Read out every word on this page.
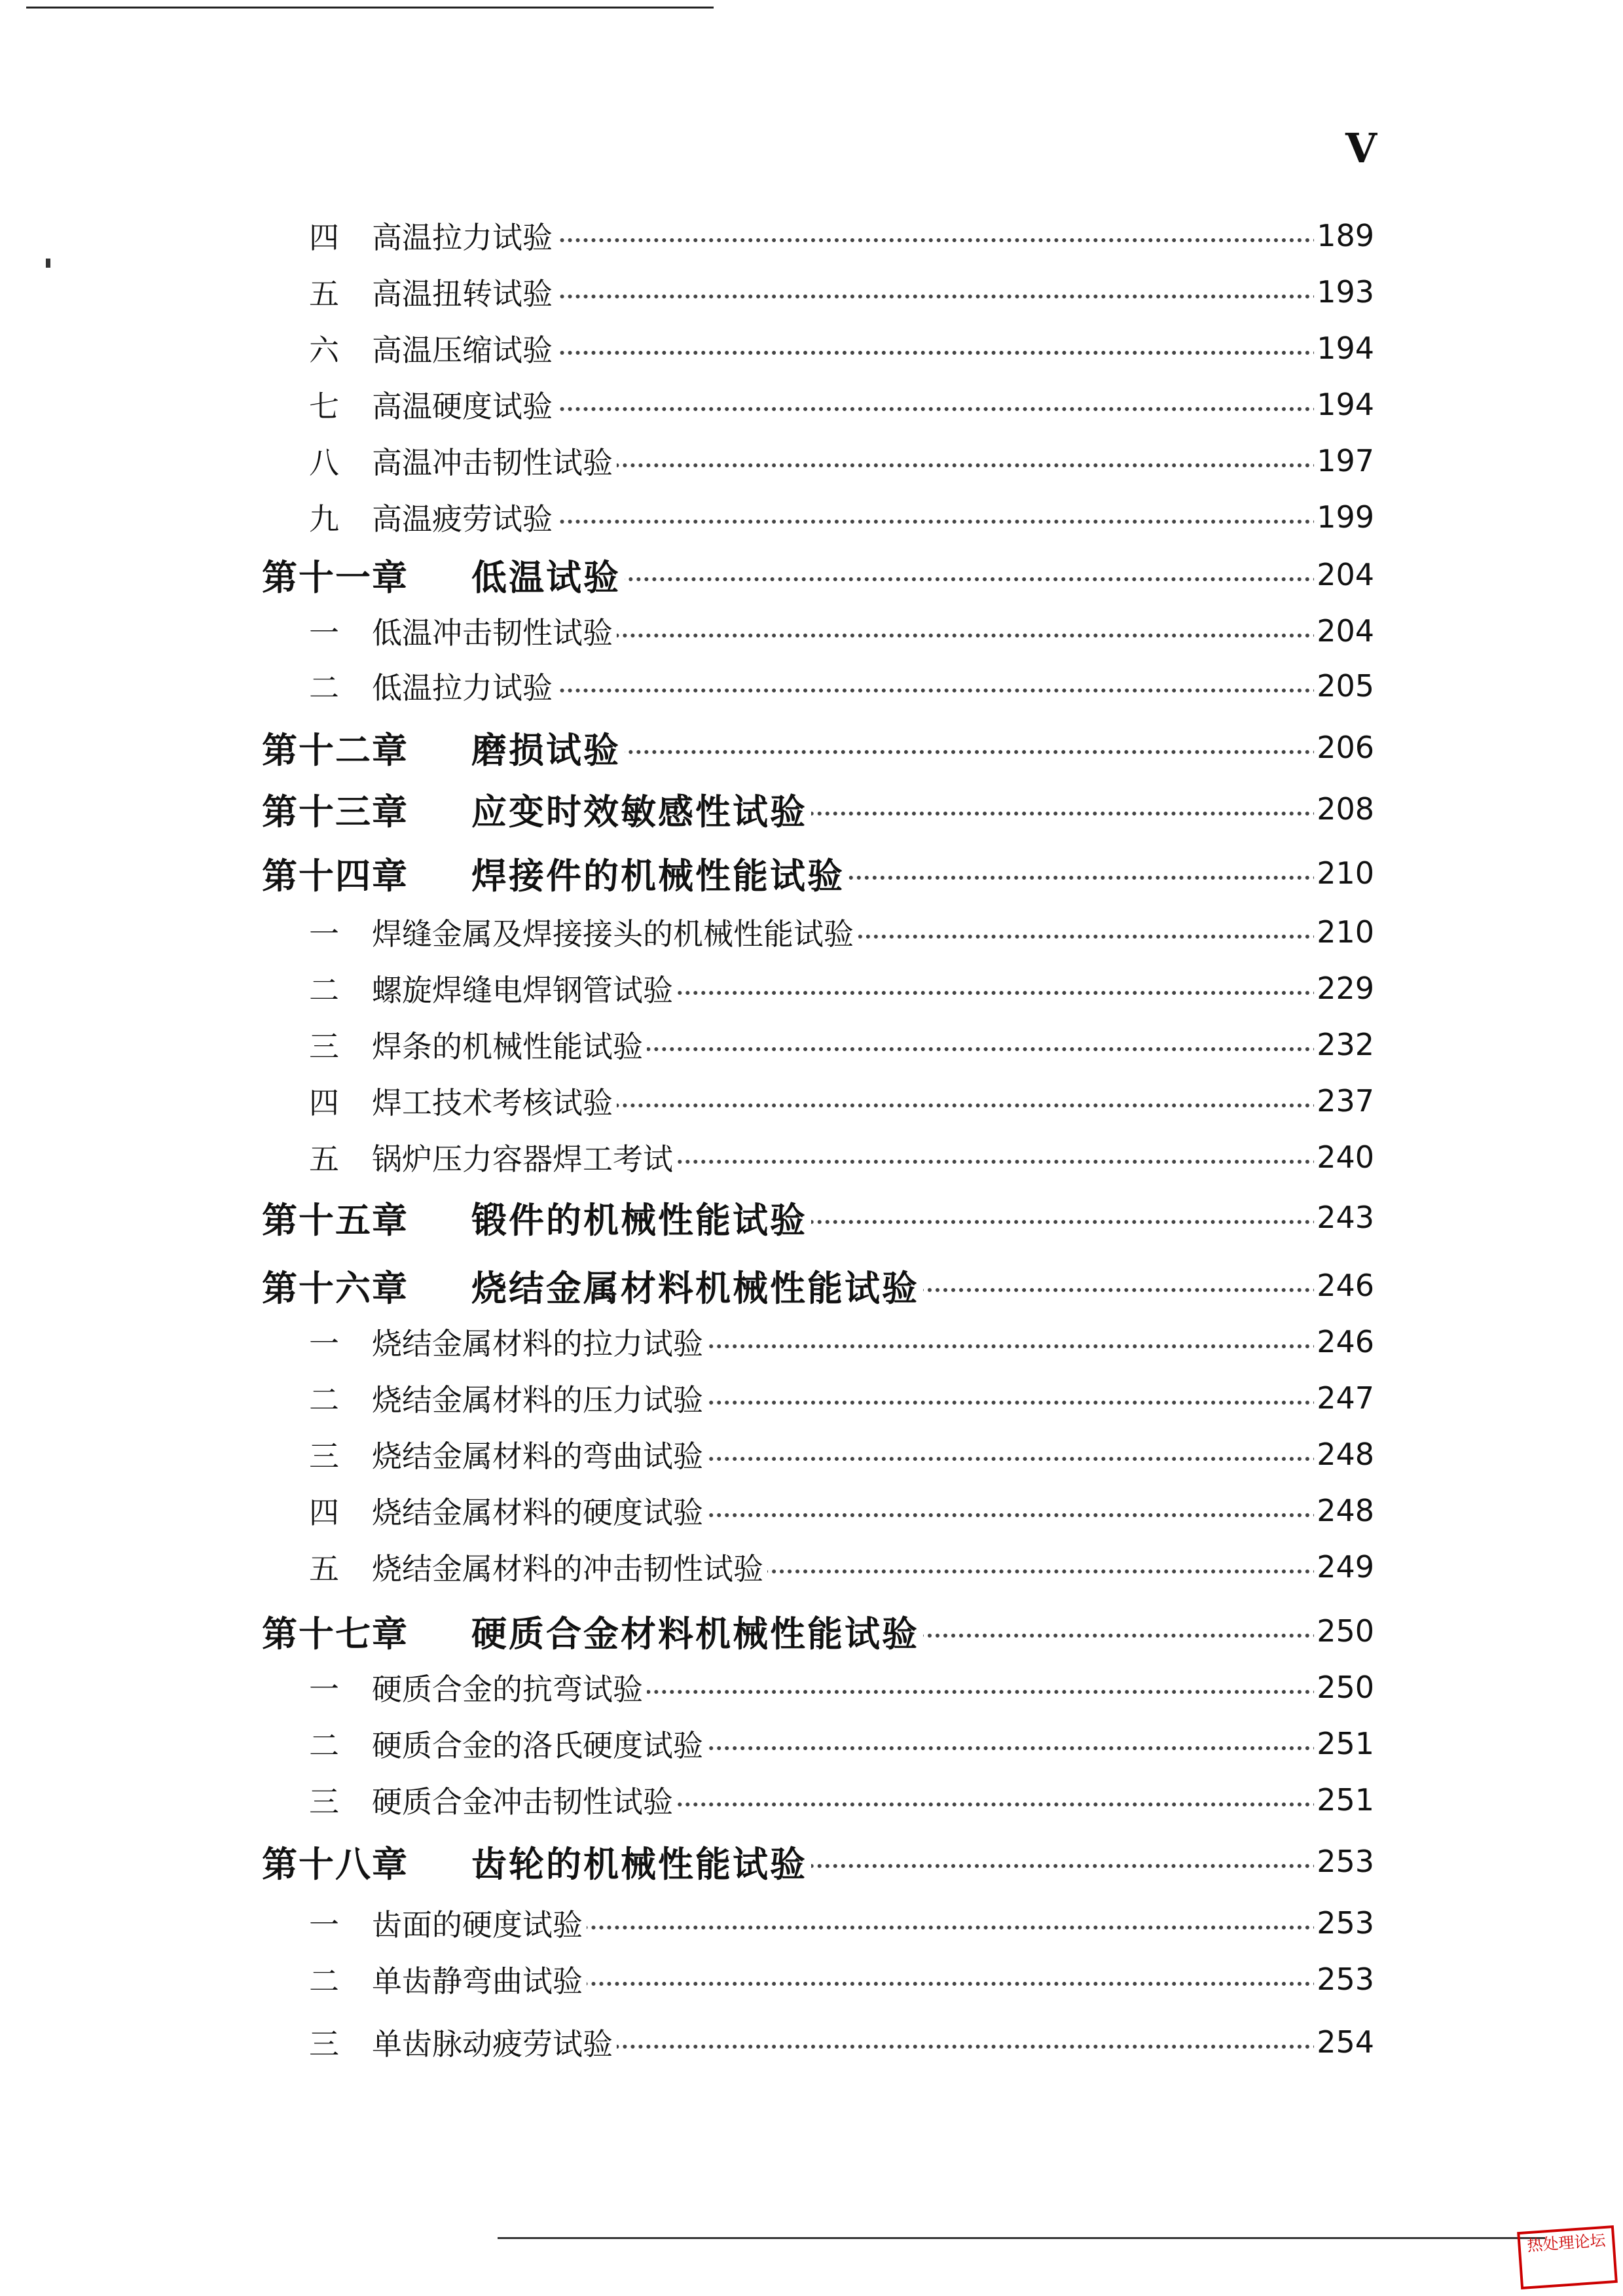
Ⅴ
四	高温拉力试验	189
五	高温扭转试验	193
六	高温压缩试验	194
七	高温硬度试验	194
八	高温冲击韧性试验	197
九	高温疲劳试验	199
第十一章 低温试验	204
一	低温冲击韧性试验	204
二	低温拉力试验	205
第十二章 磨损试验	206
第十三章 应变时效敏感性试验	208
第十四章 焊接件的机械性能试验	210
一	焊缝金属及焊接接头的机械性能试验	210
二	螺旋焊缝电焊钢管试验	229
三	焊条的机械性能试验	232
四	焊工技术考核试验	237
五	锅炉压力容器焊工考试	240
第十五章 锻件的机械性能试验	243
第十六章 烧结金属材料机械性能试验	246
一	烧结金属材料的拉力试验	246
二	烧结金属材料的压力试验	247
三	烧结金属材料的弯曲试验	248
四	烧结金属材料的硬度试验	248
五	烧结金属材料的冲击韧性试验	249
第十七章 硬质合金材料机械性能试验	250
一	硬质合金的抗弯试验	250
二	硬质合金的洛氏硬度试验	251
三	硬质合金冲击韧性试验	251
第十八章 齿轮的机械性能试验	253
一	齿面的硬度试验	253
二	单齿静弯曲试验	253
三	单齿脉动疲劳试验	254
热处理论坛
